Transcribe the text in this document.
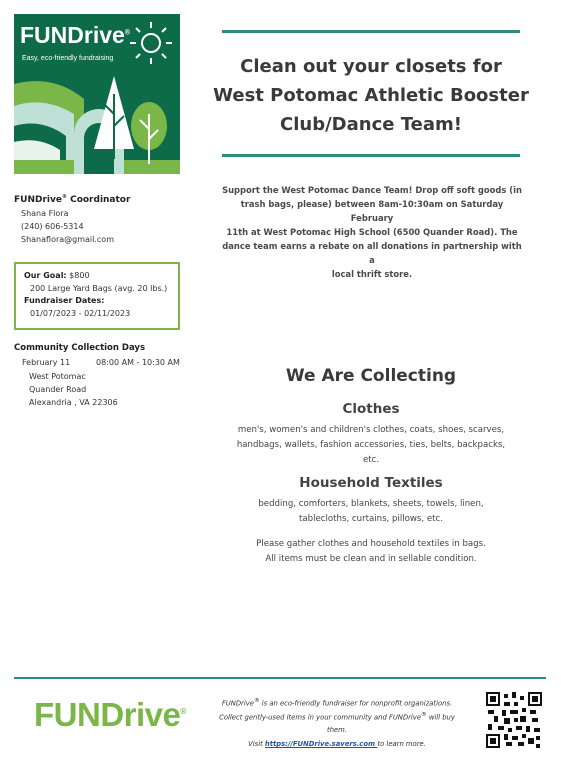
FUNDrive®
Easy, eco-friendly fundraising	Clean out your closets for
West Potomac Athletic Booster
Club/Dance Team!
Support the West Potomac Dance Team! Drop off soft goods (in
trash bags, please) between 8am-10:30am on Saturday February
11th at West Potomac High School (6500 Quander Road). The
dance team earns a rebate on all donations in partnership with a
local thrift store.
FUNDrive® Coordinator
Shana Flora
(240) 606-5314
Shanaflora@gmail.com
Our Goal: $800
200 Large Yard Bags (avg. 20 lbs.)
Fundraiser Dates:
01/07/2023 - 02/11/2023
Community Collection Days
February 11	08:00 AM - 10:30 AM
West Potomac
Quander Road
Alexandria , VA 22306
We Are Collecting
Clothes
men's, women's and children's clothes, coats, shoes, scarves,
handbags, wallets, fashion accessories, ties, belts, backpacks,
etc.
Household Textiles
bedding, comforters, blankets, sheets, towels, linen,
tablecloths, curtains, pillows, etc.
Please gather clothes and household textiles in bags.
All items must be clean and in sellable condition.
FUNDrive®
FUNDrive® is an eco-friendly fundraiser for nonprofit organizations.
Collect gently-used items in your community and FUNDrive® will buy
them.
Visit https://FUNDrive.savers.com to learn more.
